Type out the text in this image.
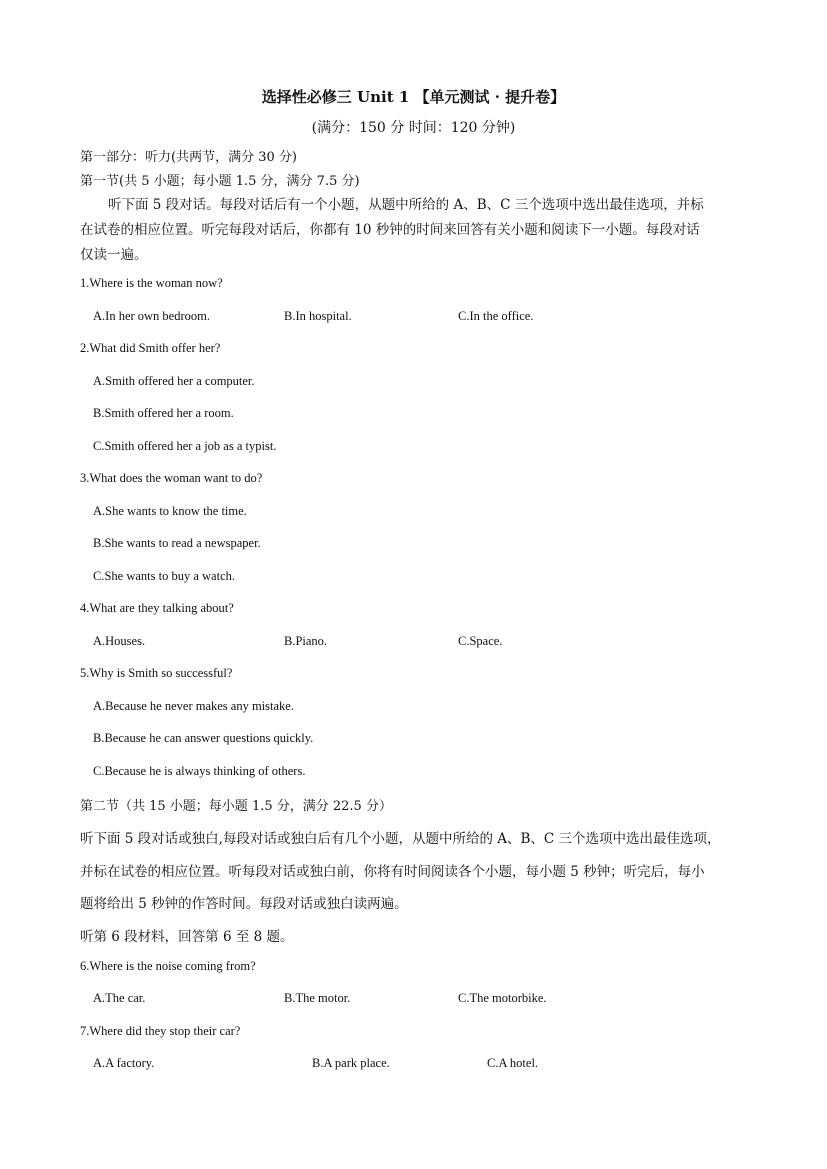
选择性必修三 Unit 1 【单元测试 · 提升卷】
(满分：150 分 时间：120 分钟)
第一部分：听力(共两节，满分 30 分)
第一节(共 5 小题；每小题 1.5 分，满分 7.5 分)
听下面 5 段对话。每段对话后有一个小题，从题中所给的 A、B、C 三个选项中选出最佳选项，并标
在试卷的相应位置。听完每段对话后，你都有 10 秒钟的时间来回答有关小题和阅读下一小题。每段对话
仅读一遍。
1.Where is the woman now?
A.In her own bedroom.	B.In hospital.	C.In the office.
2.What did Smith offer her?
A.Smith offered her a computer.
B.Smith offered her a room.
C.Smith offered her a job as a typist.
3.What does the woman want to do?
A.She wants to know the time.
B.She wants to read a newspaper.
C.She wants to buy a watch.
4.What are they talking about?
A.Houses.	B.Piano.	C.Space.
5.Why is Smith so successful?
A.Because he never makes any mistake.
B.Because he can answer questions quickly.
C.Because he is always thinking of others.
第二节（共 15 小题；每小题 1.5 分，满分 22.5 分）
听下面 5 段对话或独白,每段对话或独白后有几个小题，从题中所给的 A、B、C 三个选项中选出最佳选项，
并标在试卷的相应位置。听每段对话或独白前，你将有时间阅读各个小题，每小题 5 秒钟；听完后，每小
题将给出 5 秒钟的作答时间。每段对话或独白读两遍。
听第 6 段材料，回答第 6 至 8 题。
6.Where is the noise coming from?
A.The car.	B.The motor.	C.The motorbike.
7.Where did they stop their car?
A.A factory.	B.A park place.	C.A hotel.
